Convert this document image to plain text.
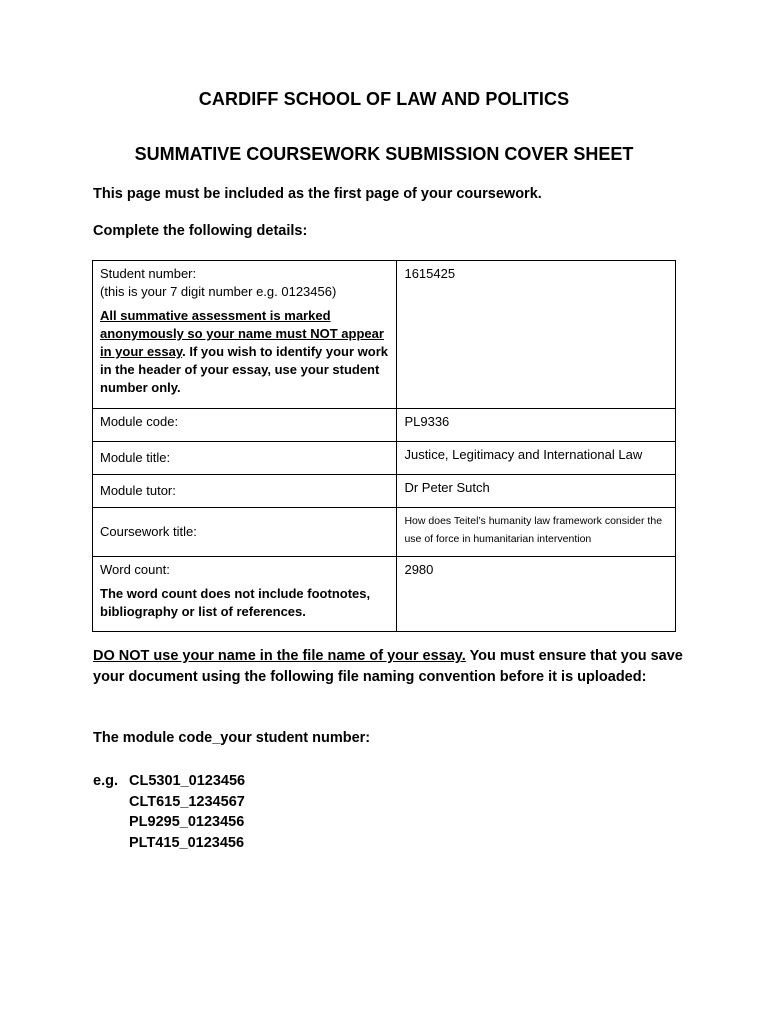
CARDIFF SCHOOL OF LAW AND POLITICS
SUMMATIVE COURSEWORK SUBMISSION COVER SHEET
This page must be included as the first page of your coursework.
Complete the following details:
Student number:
(this is your 7 digit number e.g. 0123456)
All summative assessment is marked anonymously so your name must NOT appear in your essay. If you wish to identify your work in the header of your essay, use your student number only.	1615425
Module code:	PL9336
Module title:	Justice, Legitimacy and International Law
Module tutor:	Dr Peter Sutch
Coursework title:	How does Teitel’s humanity law framework consider the use of force in humanitarian intervention

Word count:
The word count does not include footnotes, bibliography or list of references.	2980
DO NOT use your name in the file name of your essay. You must ensure that you save your document using the following file naming convention before it is uploaded:
The module code_your student number:
e.g. CL5301_0123456
CLT615_1234567
PL9295_0123456
PLT415_0123456
